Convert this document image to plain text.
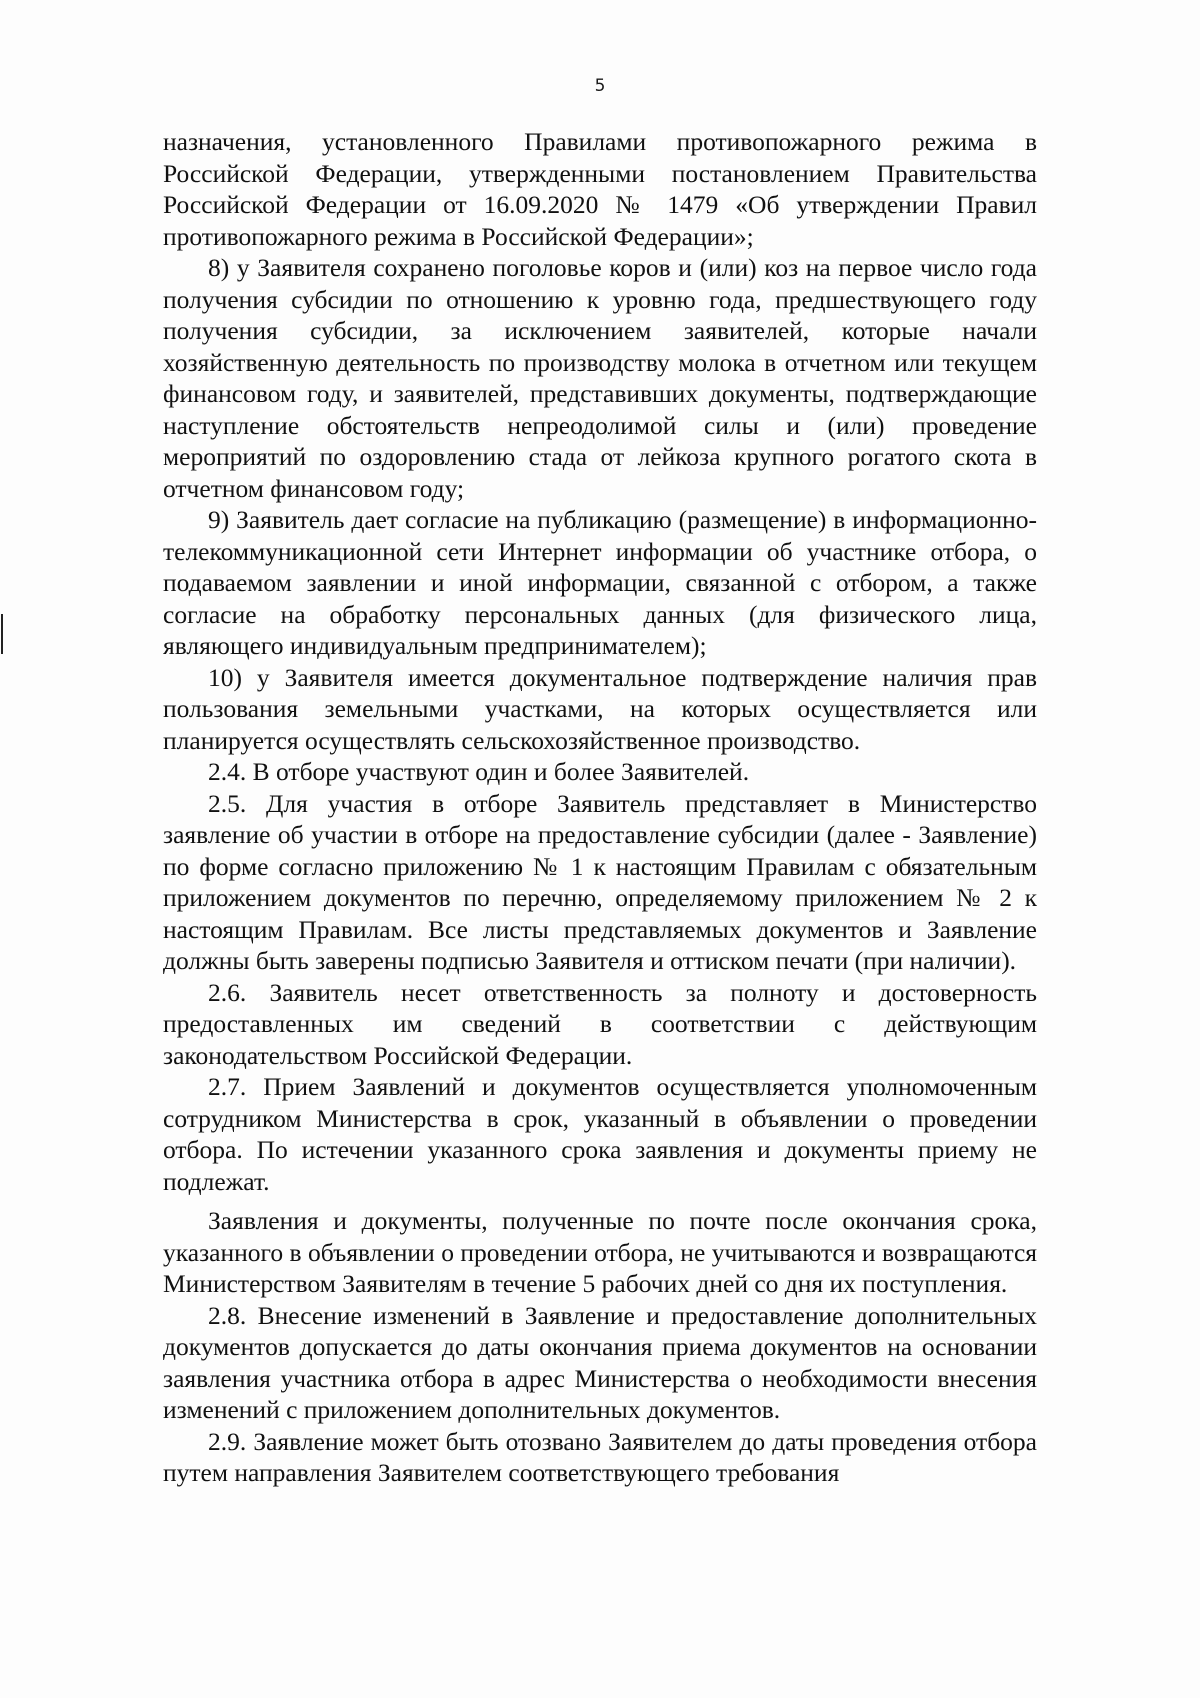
5

назначения, установленного Правилами противопожарного режима в Российской Федерации, утвержденными постановлением Правительства Российской Федерации от 16.09.2020 № 1479 «Об утверждении Правил противопожарного режима в Российской Федерации»;

8) у Заявителя сохранено поголовье коров и (или) коз на первое число года получения субсидии по отношению к уровню года, предшествующего году получения субсидии, за исключением заявителей, которые начали хозяйственную деятельность по производству молока в отчетном или текущем финансовом году, и заявителей, представивших документы, подтверждающие наступление обстоятельств непреодолимой силы и (или) проведение мероприятий по оздоровлению стада от лейкоза крупного рогатого скота в отчетном финансовом году;

9) Заявитель дает согласие на публикацию (размещение) в информационно-телекоммуникационной сети Интернет информации об участнике отбора, о подаваемом заявлении и иной информации, связанной с отбором, а также согласие на обработку персональных данных (для физического лица, являющего индивидуальным предпринимателем);

10) у Заявителя имеется документальное подтверждение наличия прав пользования земельными участками, на которых осуществляется или планируется осуществлять сельскохозяйственное производство.

2.4. В отборе участвуют один и более Заявителей.

2.5. Для участия в отборе Заявитель представляет в Министерство заявление об участии в отборе на предоставление субсидии (далее - Заявление) по форме согласно приложению № 1 к настоящим Правилам с обязательным приложением документов по перечню, определяемому приложением № 2 к настоящим Правилам. Все листы представляемых документов и Заявление должны быть заверены подписью Заявителя и оттиском печати (при наличии).

2.6. Заявитель несет ответственность за полноту и достоверность предоставленных им сведений в соответствии с действующим законодательством Российской Федерации.

2.7. Прием Заявлений и документов осуществляется уполномоченным сотрудником Министерства в срок, указанный в объявлении о проведении отбора. По истечении указанного срока заявления и документы приему не подлежат.

Заявления и документы, полученные по почте после окончания срока, указанного в объявлении о проведении отбора, не учитываются и возвращаются Министерством Заявителям в течение 5 рабочих дней со дня их поступления.

2.8. Внесение изменений в Заявление и предоставление дополнительных документов допускается до даты окончания приема документов на основании заявления участника отбора в адрес Министерства о необходимости внесения изменений с приложением дополнительных документов.

2.9. Заявление может быть отозвано Заявителем до даты проведения отбора путем направления Заявителем соответствующего требования
